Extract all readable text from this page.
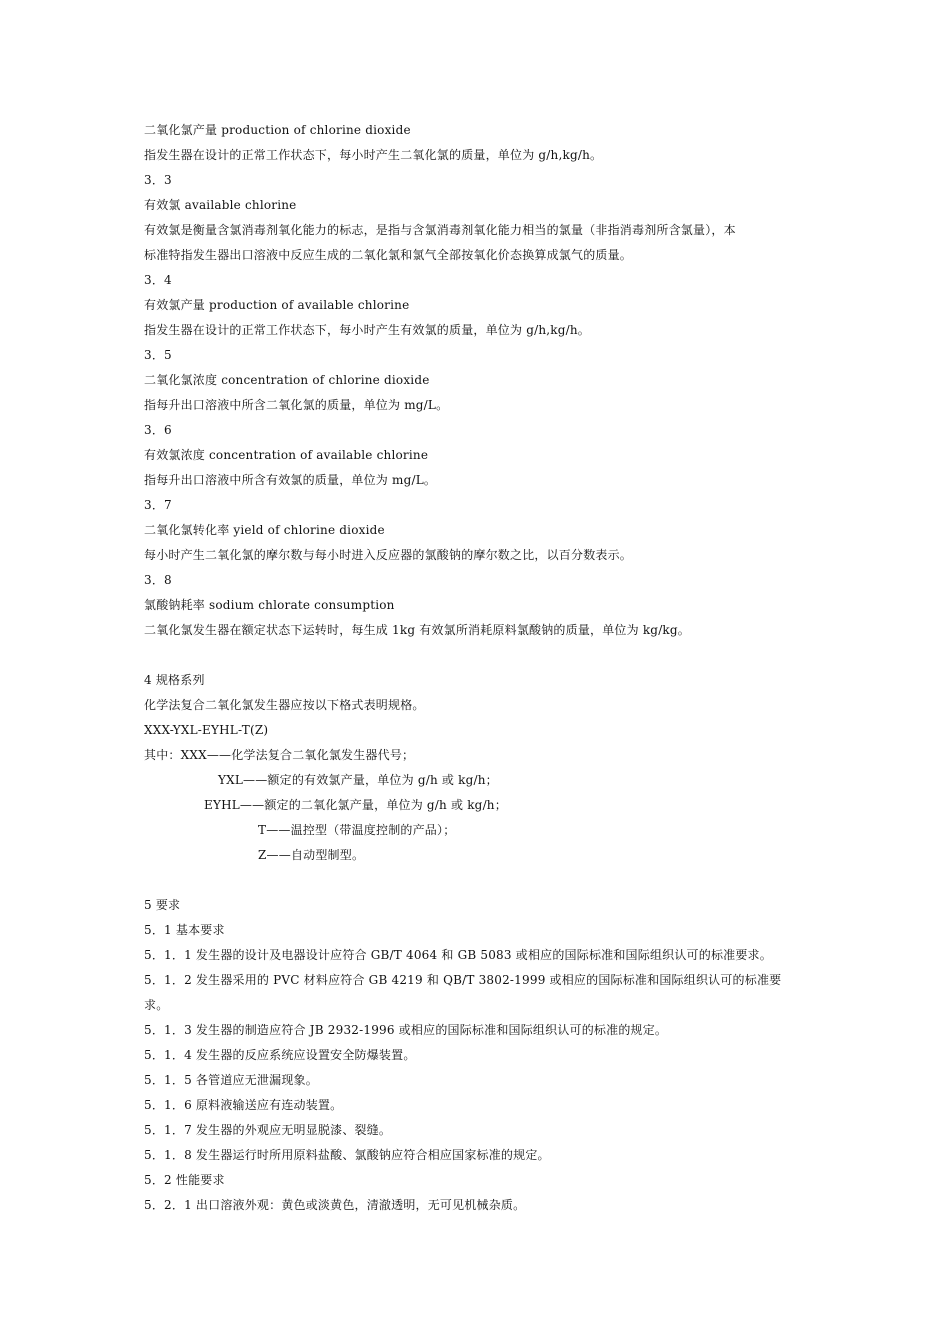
二氧化氯产量 production of chlorine dioxide
指发生器在设计的正常工作状态下，每小时产生二氧化氯的质量，单位为 g/h,kg/h。
3．3
有效氯 available chlorine
有效氯是衡量含氯消毒剂氧化能力的标志，是指与含氯消毒剂氧化能力相当的氯量（非指消毒剂所含氯量），本
标准特指发生器出口溶液中反应生成的二氧化氯和氯气全部按氧化价态换算成氯气的质量。
3．4
有效氯产量 production of available chlorine
指发生器在设计的正常工作状态下，每小时产生有效氯的质量，单位为 g/h,kg/h。
3．5
二氧化氯浓度 concentration of chlorine dioxide
指每升出口溶液中所含二氧化氯的质量，单位为 mg/L。
3．6
有效氯浓度 concentration of available chlorine
指每升出口溶液中所含有效氯的质量，单位为 mg/L。
3．7
二氧化氯转化率 yield of chlorine dioxide
每小时产生二氧化氯的摩尔数与每小时进入反应器的氯酸钠的摩尔数之比，以百分数表示。
3．8
氯酸钠耗率 sodium chlorate consumption
二氧化氯发生器在额定状态下运转时，每生成 1kg 有效氯所消耗原料氯酸钠的质量，单位为 kg/kg。
4 规格系列
化学法复合二氧化氯发生器应按以下格式表明规格。
XXX-YXL-EYHL-T(Z)
其中：XXX——化学法复合二氧化氯发生器代号；
YXL——额定的有效氯产量，单位为 g/h 或 kg/h；
EYHL——额定的二氧化氯产量，单位为 g/h 或 kg/h；
T——温控型（带温度控制的产品）；
Z——自动型制型。
5 要求
5．1 基本要求
5．1．1 发生器的设计及电器设计应符合 GB/T 4064 和 GB 5083 或相应的国际标准和国际组织认可的标准要求。
5．1．2 发生器采用的 PVC 材料应符合 GB 4219 和 QB/T 3802-1999 或相应的国际标准和国际组织认可的标准要
求。
5．1．3 发生器的制造应符合 JB 2932-1996 或相应的国际标准和国际组织认可的标准的规定。
5．1．4 发生器的反应系统应设置安全防爆装置。
5．1．5 各管道应无泄漏现象。
5．1．6 原料液输送应有连动装置。
5．1．7 发生器的外观应无明显脱漆、裂缝。
5．1．8 发生器运行时所用原料盐酸、氯酸钠应符合相应国家标准的规定。
5．2 性能要求
5．2．1 出口溶液外观：黄色或淡黄色，清澈透明，无可见机械杂质。
